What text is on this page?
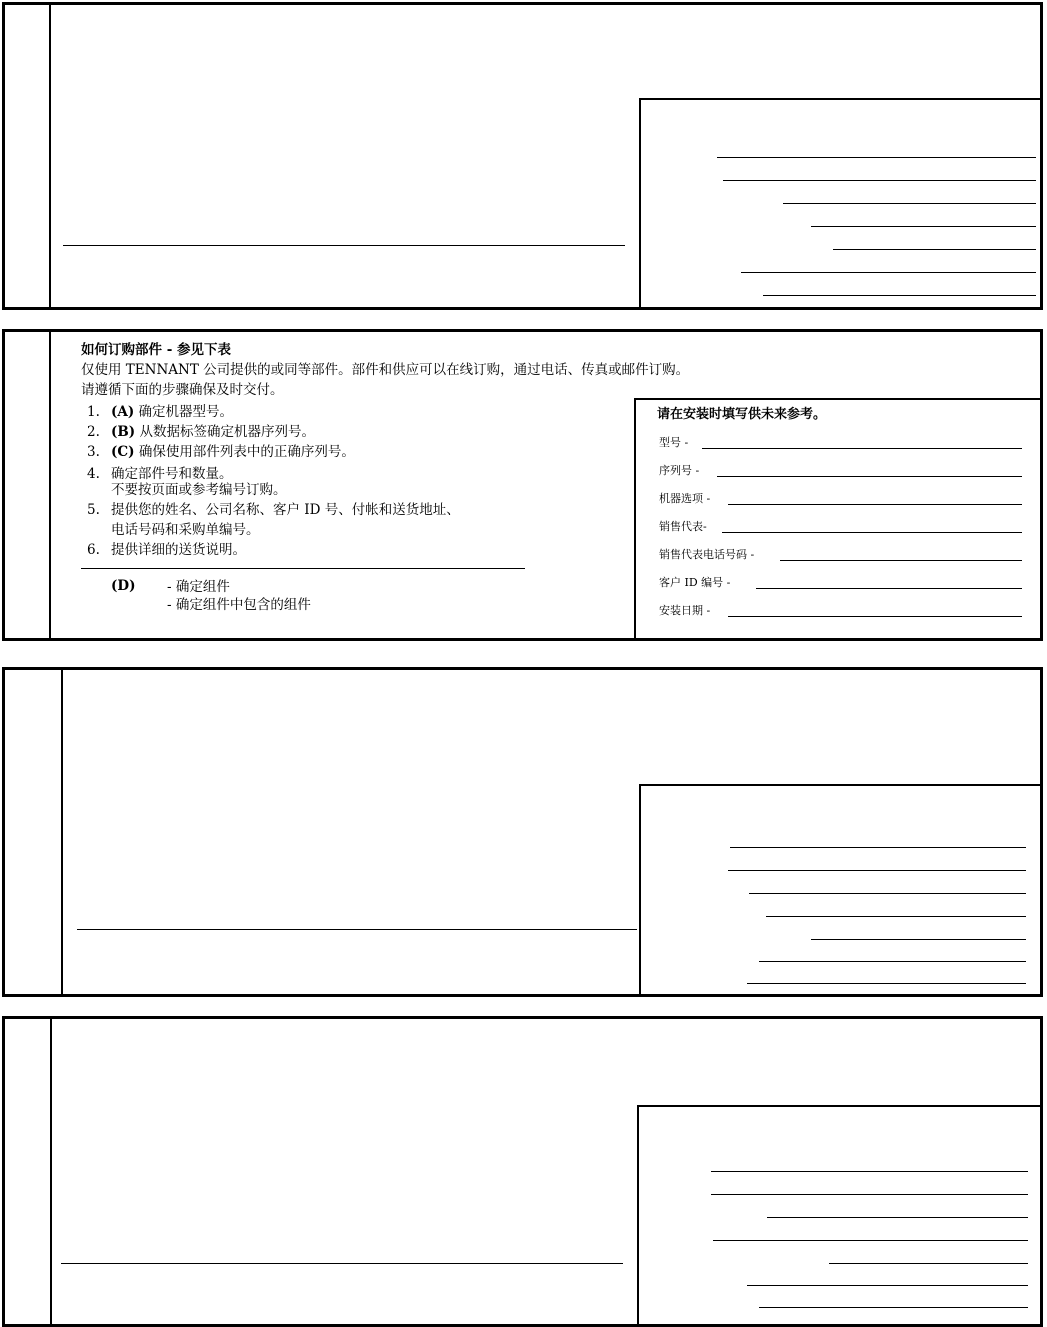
如何订购部件 - 参见下表
仅使用 TENNANT 公司提供的或同等部件。部件和供应可以在线订购，通过电话、传真或邮件订购。
请遵循下面的步骤确保及时交付。
1. (A) 确定机器型号。
2. (B) 从数据标签确定机器序列号。
3. (C) 确保使用部件列表中的正确序列号。
4. 确定部件号和数量。
不要按页面或参考编号订购。
5. 提供您的姓名、公司名称、客户 ID 号、付帐和送货地址、
电话号码和采购单编号。
6. 提供详细的送货说明。
(D) - 确定组件
- 确定组件中包含的组件
请在安装时填写供未来参考。
型号 -
序列号 -
机器选项 -
销售代表-
销售代表电话号码 -
客户 ID 编号 -
安装日期 -
